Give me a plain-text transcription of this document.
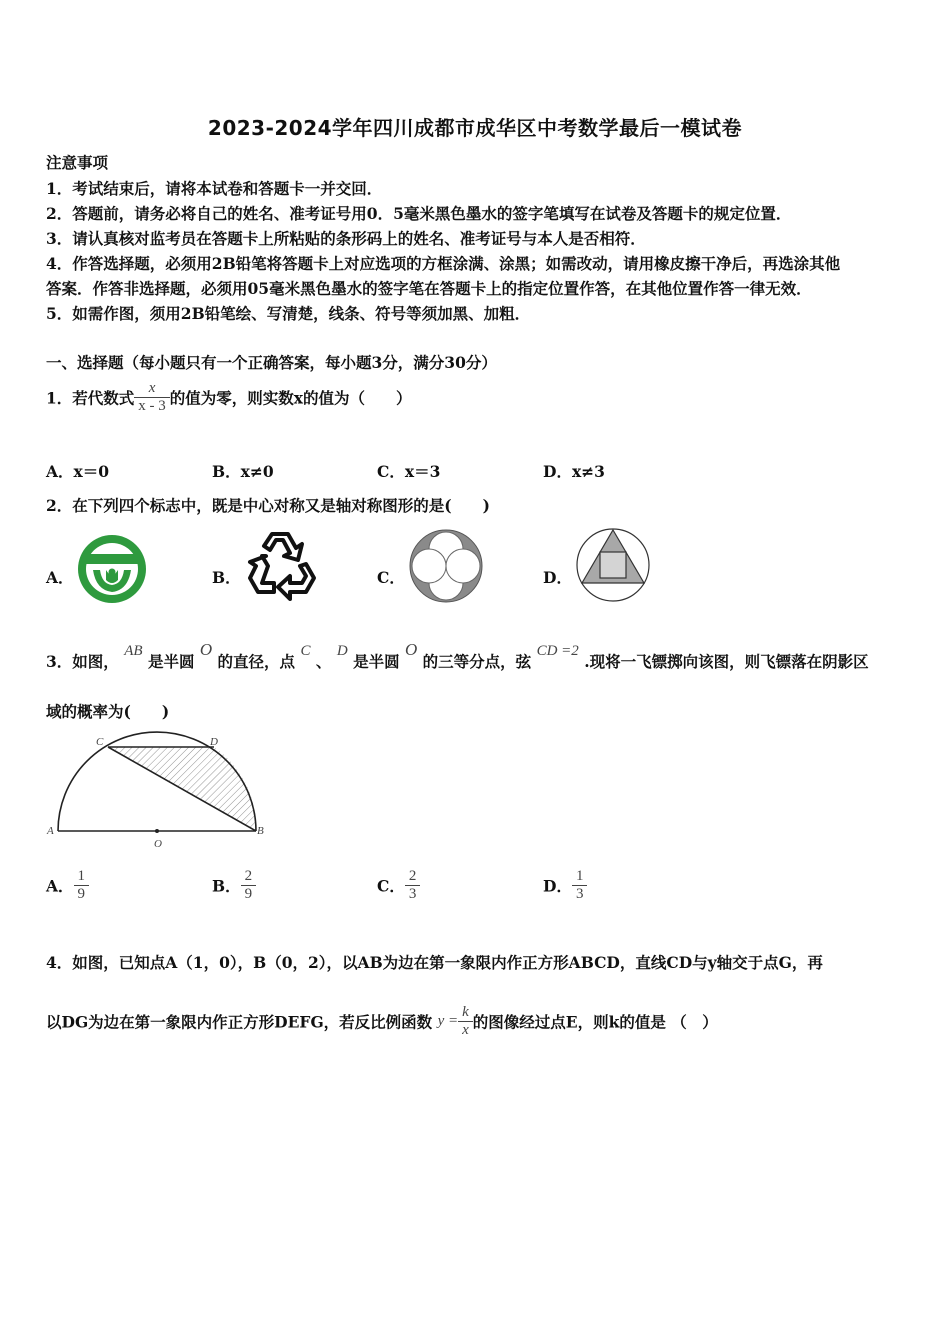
2023-2024学年四川成都市成华区中考数学最后一模试卷
注意事项
1．考试结束后，请将本试卷和答题卡一并交回．
2．答题前，请务必将自己的姓名、准考证号用0．5毫米黑色墨水的签字笔填写在试卷及答题卡的规定位置．
3．请认真核对监考员在答题卡上所粘贴的条形码上的姓名、准考证号与本人是否相符．
4．作答选择题，必须用2B铅笔将答题卡上对应选项的方框涂满、涂黑；如需改动，请用橡皮擦干净后，再选涂其他
答案．作答非选择题，必须用05毫米黑色墨水的签字笔在答题卡上的指定位置作答，在其他位置作答一律无效．
5．如需作图，须用2B铅笔绘、写清楚，线条、符号等须加黑、加粗．
一、选择题（每小题只有一个正确答案，每小题3分，满分30分）
1．若代数式 $\frac{x}{x - 3}$ 的值为零，则实数x的值为（　　）
A．x＝0	B．x≠0	C．x＝3	D．x≠3
2．在下列四个标志中，既是中心对称又是轴对称图形的是(　　)
A．	B．	C．	D．
3．如图， AB 是半圆 O 的直径，点 C 、 D 是半圆 O 的三等分点，弦 CD =2 .现将一飞镖掷向该图，则飞镖落在阴影区
域的概率为(　　)
C	D
A
O
B
A． $\frac{1}{9}$	B． $\frac{2}{9}$	C． $\frac{2}{3}$	D． $\frac{1}{3}$
4．如图，已知点A（1，0），B（0，2），以AB为边在第一象限内作正方形ABCD，直线CD与y轴交于点G，再
以DG为边在第一象限内作正方形DEFG，若反比例函数 $y = \frac{k}{x}$ 的图像经过点E，则k的值是 （　）
